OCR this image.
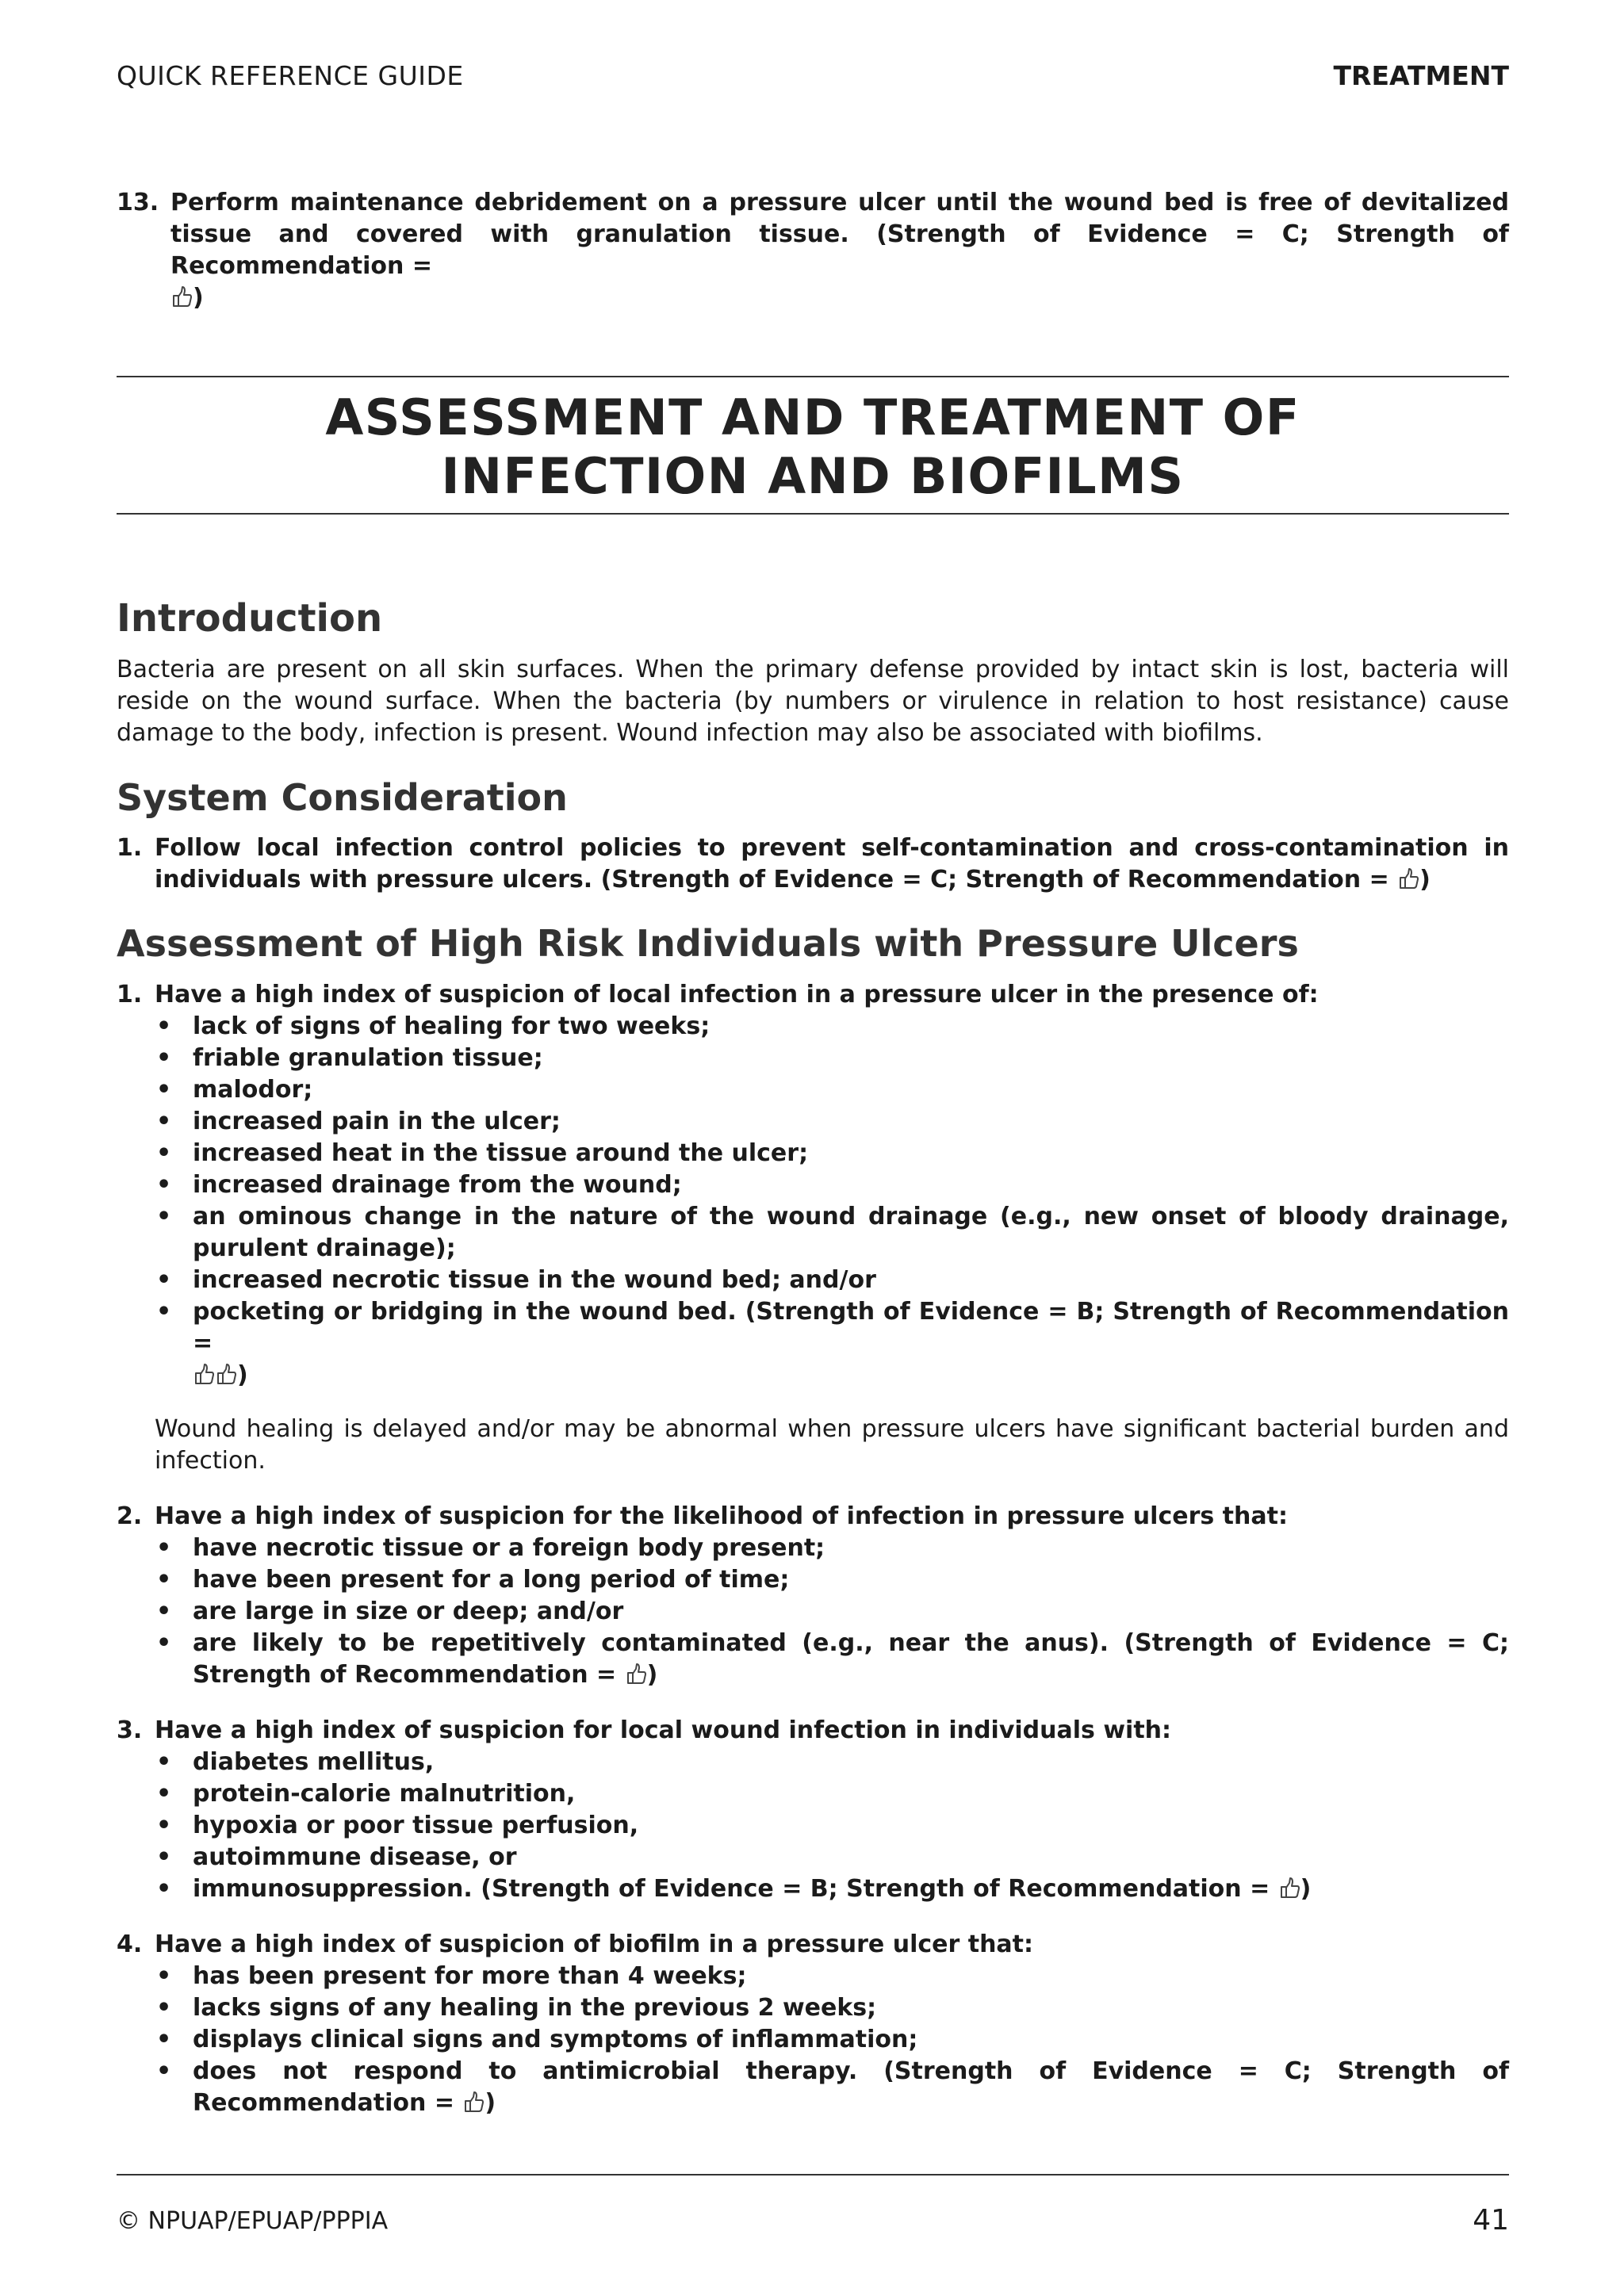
QUICK REFERENCE GUIDE	TREATMENT
13. Perform maintenance debridement on a pressure ulcer until the wound bed is free of devitalized tissue and covered with granulation tissue. (Strength of Evidence = C; Strength of Recommendation =

)
ASSESSMENT AND TREATMENT OF
INFECTION AND BIOFILMS
Introduction

Bacteria are present on all skin surfaces. When the primary defense provided by intact skin is lost, bacteria will reside on the wound surface. When the bacteria (by numbers or virulence in relation to host resistance) cause damage to the body, infection is present. Wound infection may also be associated with biofilms.

System Consideration
1. Follow local infection control policies to prevent self-contamination and cross-contamination in individuals with pressure ulcers. (Strength of Evidence = C; Strength of Recommendation =
)
Assessment of High Risk Individuals with Pressure Ulcers
1. Have a high index of suspicion of local infection in a pressure ulcer in the presence of:
• lack of signs of healing for two weeks;
• friable granulation tissue;
• malodor;
• increased pain in the ulcer;
• increased heat in the tissue around the ulcer;
• increased drainage from the wound;
• an ominous change in the nature of the wound drainage (e.g., new onset of bloody drainage, purulent drainage);
• increased necrotic tissue in the wound bed; and/or
• pocketing or bridging in the wound bed. (Strength of Evidence = B; Strength of Recommendation =

)

Wound healing is delayed and/or may be abnormal when pressure ulcers have significant bacterial burden and infection.

2. Have a high index of suspicion for the likelihood of infection in pressure ulcers that:
• have necrotic tissue or a foreign body present;
• have been present for a long period of time;
• are large in size or deep; and/or
• are likely to be repetitively contaminated (e.g., near the anus). (Strength of Evidence = C; Strength of Recommendation =
)
3. Have a high index of suspicion for local wound infection in individuals with:
• diabetes mellitus,
• protein-calorie malnutrition,
• hypoxia or poor tissue perfusion,
• autoimmune disease, or
• immunosuppression. (Strength of Evidence = B; Strength of Recommendation =
)
4. Have a high index of suspicion of biofilm in a pressure ulcer that:
• has been present for more than 4 weeks;
• lacks signs of any healing in the previous 2 weeks;
• displays clinical signs and symptoms of inflammation;
• does not respond to antimicrobial therapy. (Strength of Evidence = C; Strength of Recommendation =
)
© NPUAP/EPUAP/PPPIA	41
